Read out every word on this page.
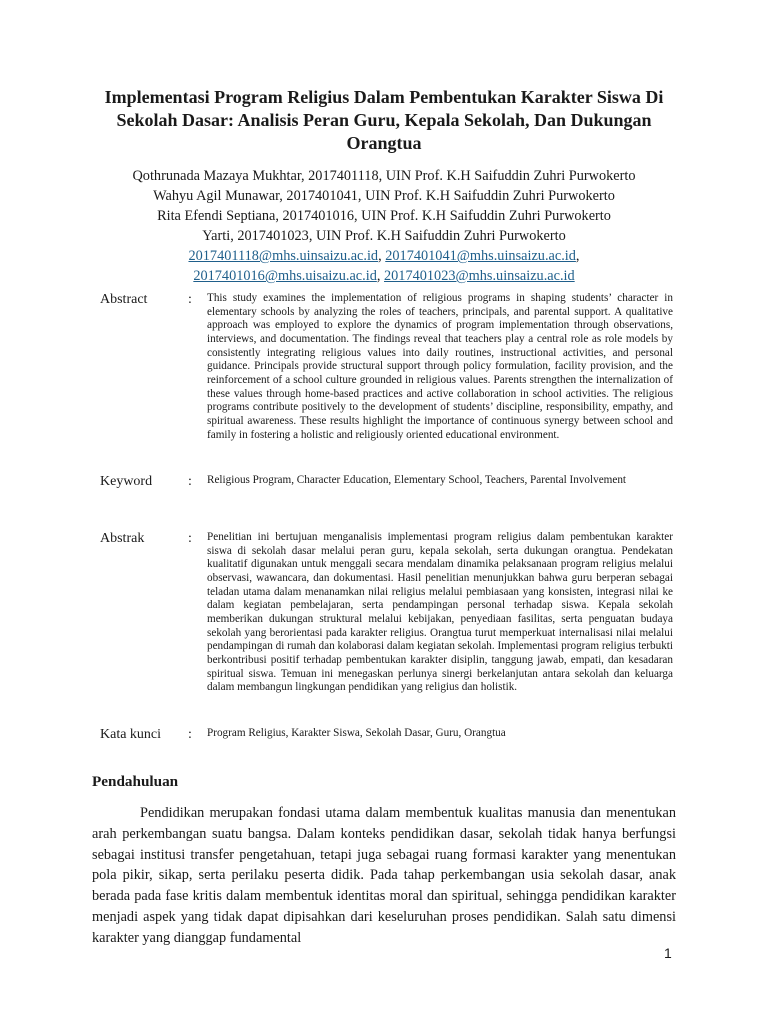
Implementasi Program Religius Dalam Pembentukan Karakter Siswa Di Sekolah Dasar: Analisis Peran Guru, Kepala Sekolah, Dan Dukungan Orangtua
Qothrunada Mazaya Mukhtar, 2017401118, UIN Prof. K.H Saifuddin Zuhri Purwokerto
Wahyu Agil Munawar, 2017401041, UIN Prof. K.H Saifuddin Zuhri Purwokerto
Rita Efendi Septiana, 2017401016, UIN Prof. K.H Saifuddin Zuhri Purwokerto
Yarti, 2017401023, UIN Prof. K.H Saifuddin Zuhri Purwokerto
2017401118@mhs.uinsaizu.ac.id, 2017401041@mhs.uinsaizu.ac.id,
2017401016@mhs.uisaizu.ac.id, 2017401023@mhs.uinsaizu.ac.id
Abstract	: This study examines the implementation of religious programs in shaping students’ character in elementary schools by analyzing the roles of teachers, principals, and parental support. A qualitative approach was employed to explore the dynamics of program implementation through observations, interviews, and documentation. The findings reveal that teachers play a central role as role models by consistently integrating religious values into daily routines, instructional activities, and personal guidance. Principals provide structural support through policy formulation, facility provision, and the reinforcement of a school culture grounded in religious values. Parents strengthen the internalization of these values through home-based practices and active collaboration in school activities. The religious programs contribute positively to the development of students’ discipline, responsibility, empathy, and spiritual awareness. These results highlight the importance of continuous synergy between school and family in fostering a holistic and religiously oriented educational environment.
Keyword	: Religious Program, Character Education, Elementary School, Teachers, Parental Involvement
Abstrak	: Penelitian ini bertujuan menganalisis implementasi program religius dalam pembentukan karakter siswa di sekolah dasar melalui peran guru, kepala sekolah, serta dukungan orangtua. Pendekatan kualitatif digunakan untuk menggali secara mendalam dinamika pelaksanaan program religius melalui observasi, wawancara, dan dokumentasi. Hasil penelitian menunjukkan bahwa guru berperan sebagai teladan utama dalam menanamkan nilai religius melalui pembiasaan yang konsisten, integrasi nilai ke dalam kegiatan pembelajaran, serta pendampingan personal terhadap siswa. Kepala sekolah memberikan dukungan struktural melalui kebijakan, penyediaan fasilitas, serta penguatan budaya sekolah yang berorientasi pada karakter religius. Orangtua turut memperkuat internalisasi nilai melalui pendampingan di rumah dan kolaborasi dalam kegiatan sekolah. Implementasi program religius terbukti berkontribusi positif terhadap pembentukan karakter disiplin, tanggung jawab, empati, dan kesadaran spiritual siswa. Temuan ini menegaskan perlunya sinergi berkelanjutan antara sekolah dan keluarga dalam membangun lingkungan pendidikan yang religius dan holistik.
Kata kunci : Program Religius, Karakter Siswa, Sekolah Dasar, Guru, Orangtua
Pendahuluan

Pendidikan merupakan fondasi utama dalam membentuk kualitas manusia dan menentukan arah perkembangan suatu bangsa. Dalam konteks pendidikan dasar, sekolah tidak hanya berfungsi sebagai institusi transfer pengetahuan, tetapi juga sebagai ruang formasi karakter yang menentukan pola pikir, sikap, serta perilaku peserta didik. Pada tahap perkembangan usia sekolah dasar, anak berada pada fase kritis dalam membentuk identitas moral dan spiritual, sehingga pendidikan karakter menjadi aspek yang tidak dapat dipisahkan dari keseluruhan proses pendidikan. Salah satu dimensi karakter yang dianggap fundamental

1
